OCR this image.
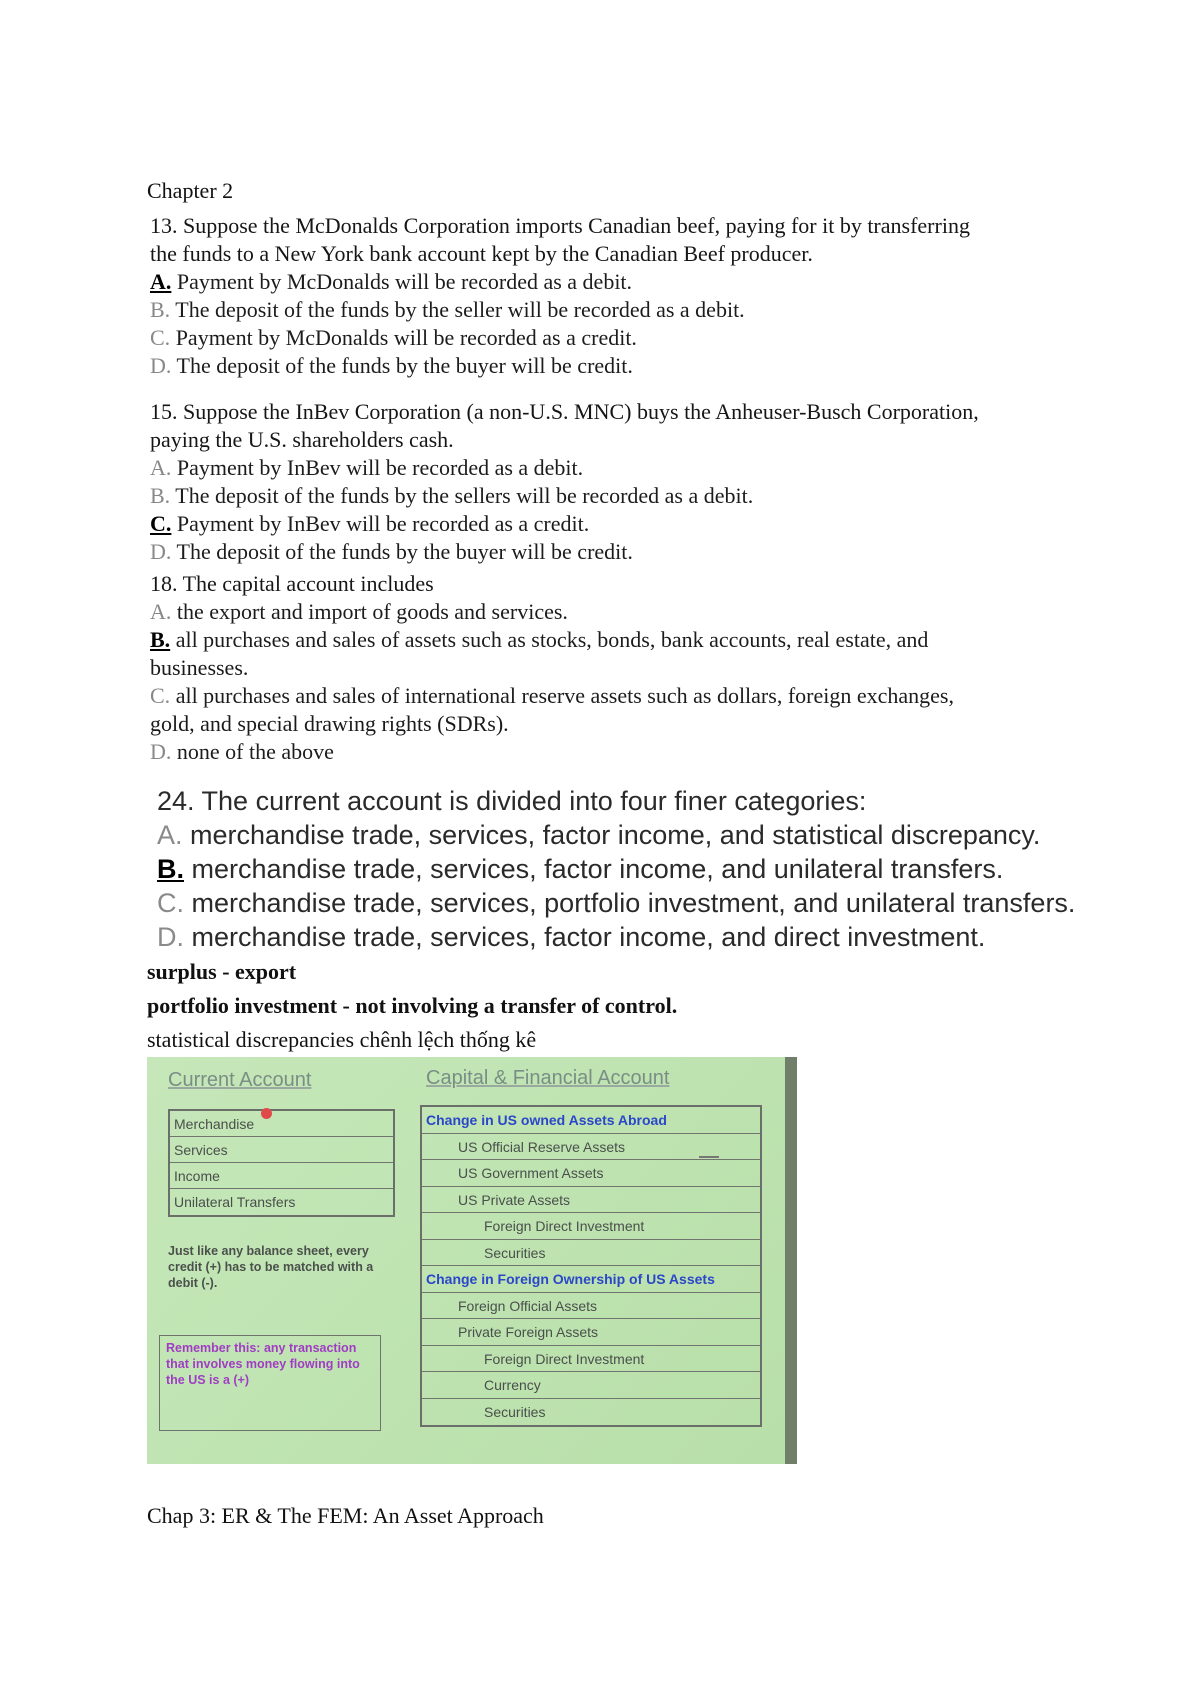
Chapter 2
13. Suppose the McDonalds Corporation imports Canadian beef, paying for it by transferring
the funds to a New York bank account kept by the Canadian Beef producer.
A. Payment by McDonalds will be recorded as a debit.
B. The deposit of the funds by the seller will be recorded as a debit.
C. Payment by McDonalds will be recorded as a credit.
D. The deposit of the funds by the buyer will be credit.
15. Suppose the InBev Corporation (a non-U.S. MNC) buys the Anheuser-Busch Corporation,
paying the U.S. shareholders cash.
A. Payment by InBev will be recorded as a debit.
B. The deposit of the funds by the sellers will be recorded as a debit.
C. Payment by InBev will be recorded as a credit.
D. The deposit of the funds by the buyer will be credit.
18. The capital account includes
A. the export and import of goods and services.
B. all purchases and sales of assets such as stocks, bonds, bank accounts, real estate, and
businesses.
C. all purchases and sales of international reserve assets such as dollars, foreign exchanges,
gold, and special drawing rights (SDRs).
D. none of the above
24. The current account is divided into four finer categories:
A. merchandise trade, services, factor income, and statistical discrepancy.
B. merchandise trade, services, factor income, and unilateral transfers.
C. merchandise trade, services, portfolio investment, and unilateral transfers.
D. merchandise trade, services, factor income, and direct investment.
surplus - export
portfolio investment - not involving a transfer of control.
statistical discrepancies chênh lệch thống kê
Current Account
Merchandise
Services
Income
Unilateral Transfers
Just like any balance sheet, every
credit (+) has to be matched with a
debit (-).
Remember this: any transaction
that involves money flowing into
the US is a (+)
Capital & Financial Account
Change in US owned Assets Abroad
US Official Reserve Assets
US Government Assets
US Private Assets
Foreign Direct Investment
Securities
Change in Foreign Ownership of US Assets
Foreign Official Assets
Private Foreign Assets
Foreign Direct Investment
Currency
Securities
Chap 3: ER & The FEM: An Asset Approach
